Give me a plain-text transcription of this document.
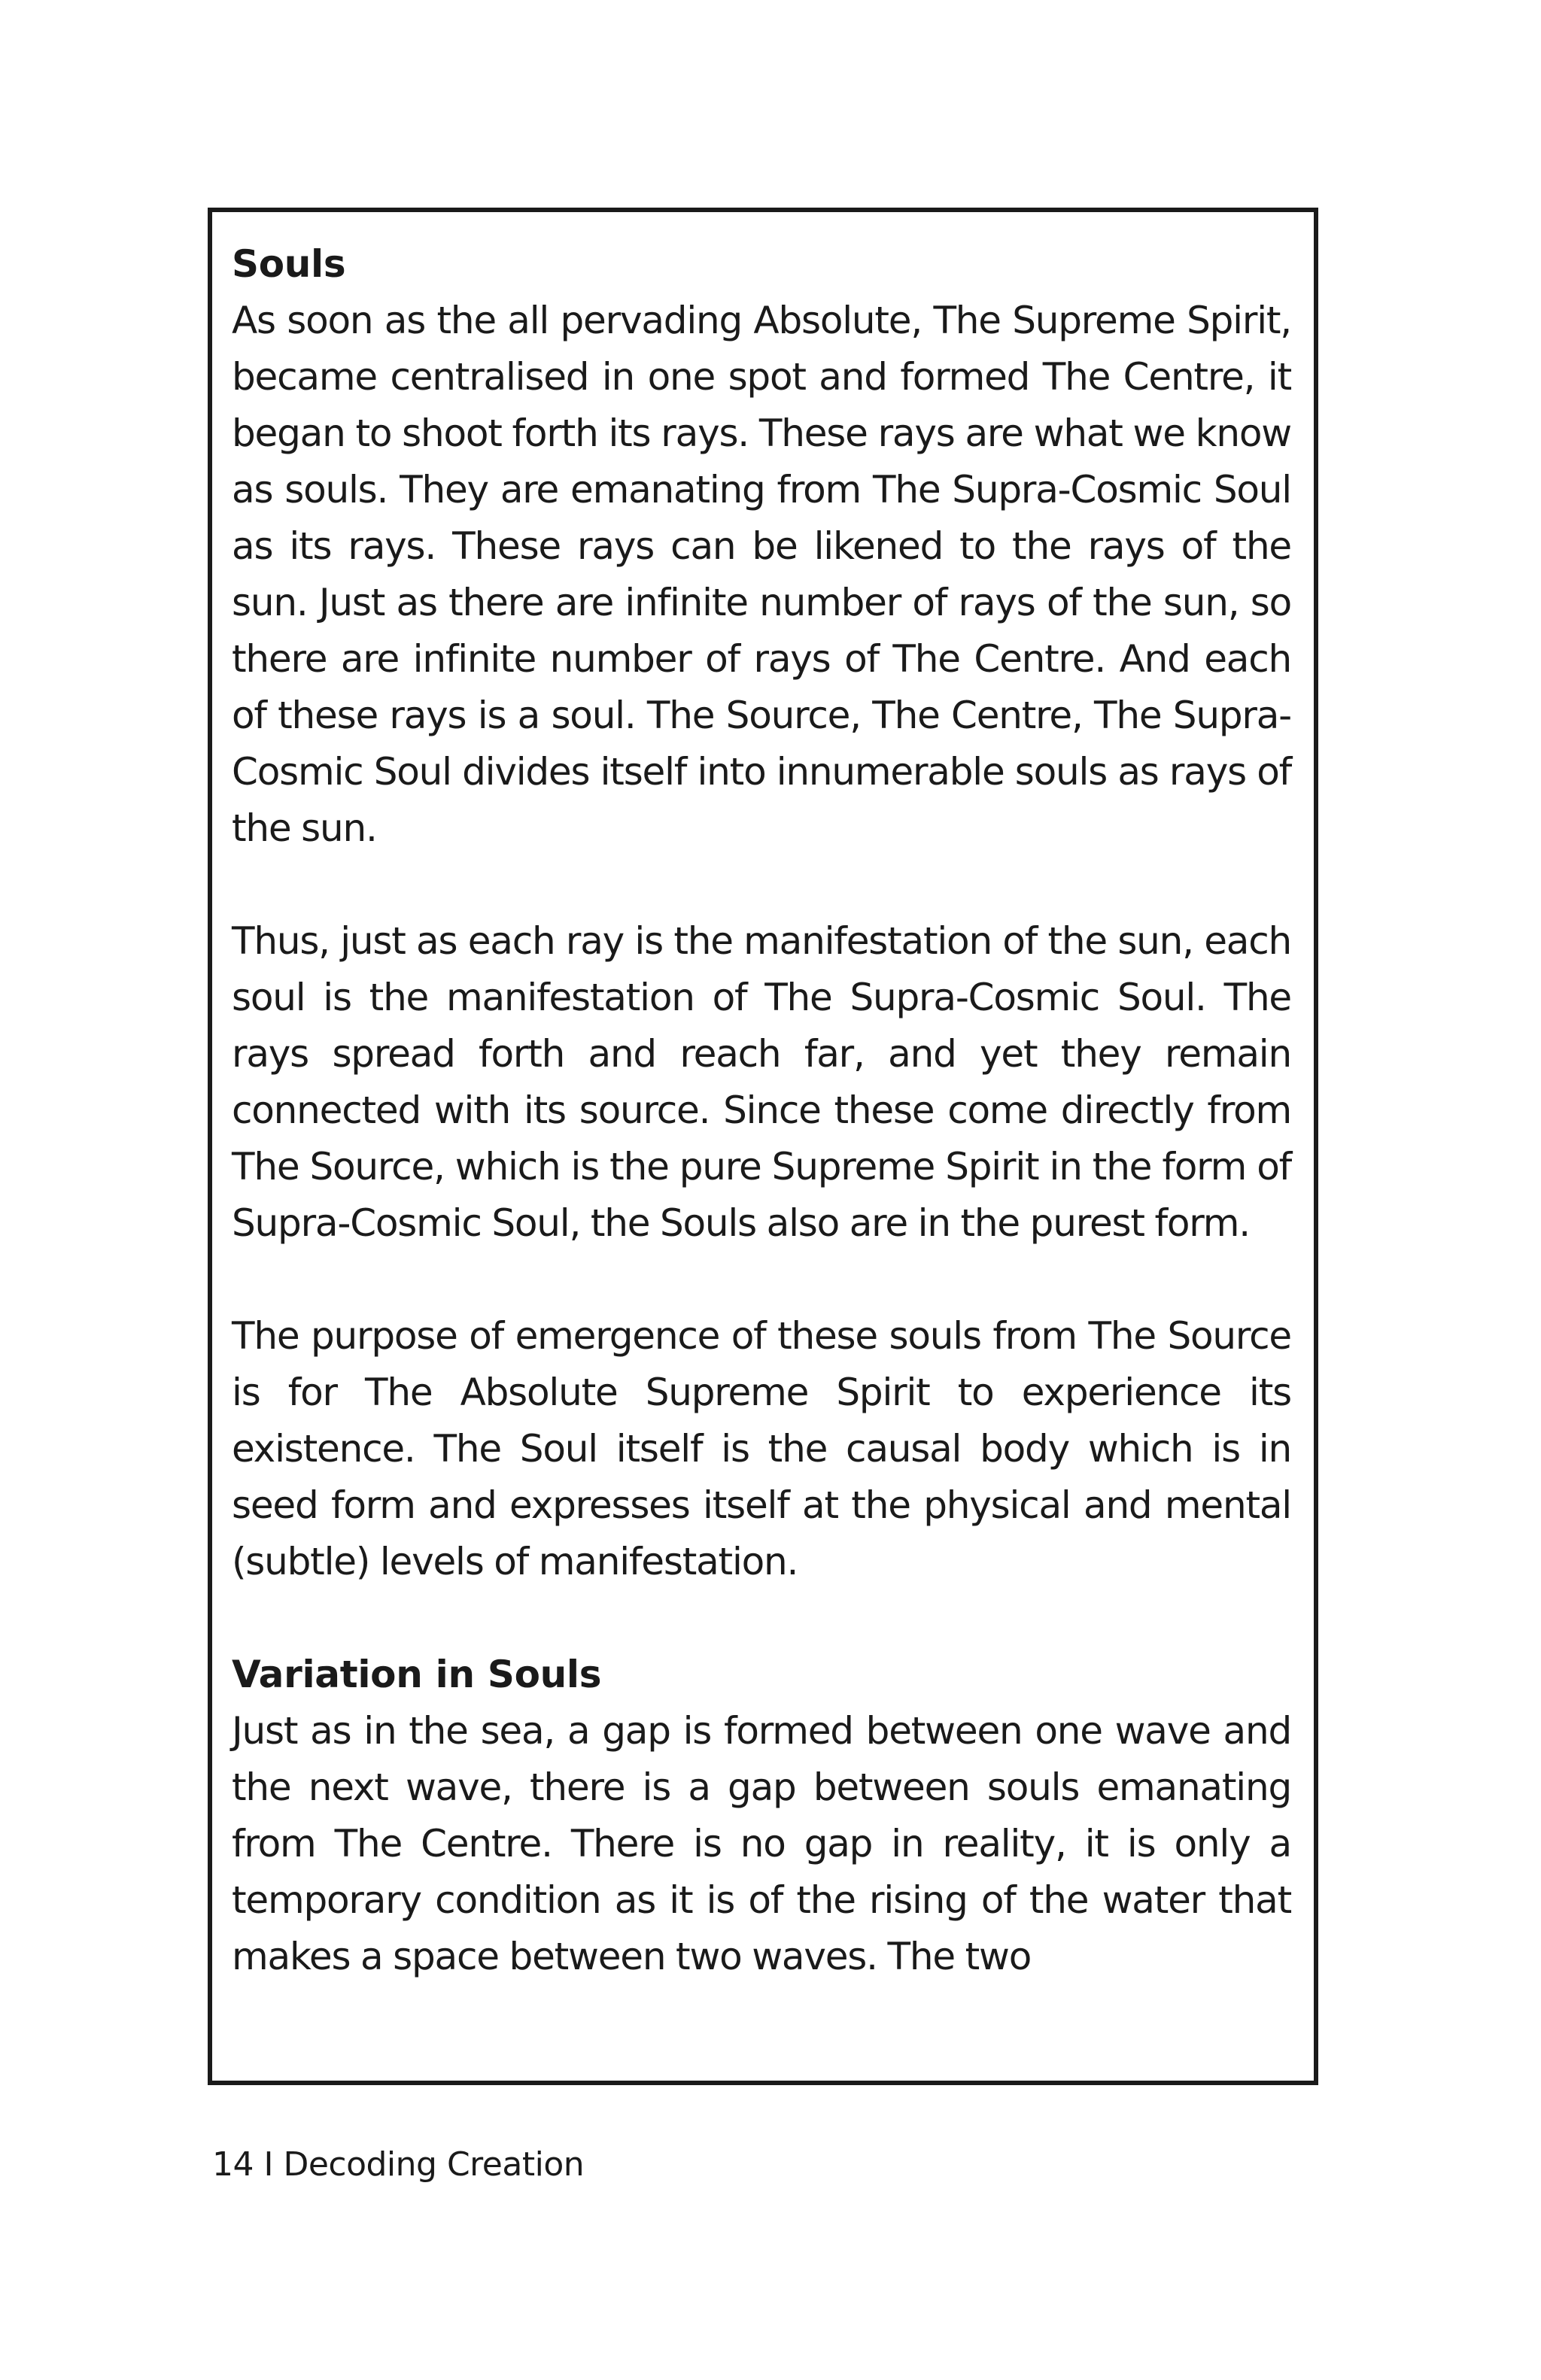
Souls

As soon as the all pervading Absolute, The Supreme Spirit, became centralised in one spot and formed The Centre, it began to shoot forth its rays. These rays are what we know as souls. They are emanating from The Supra-Cosmic Soul as its rays. These rays can be likened to the rays of the sun. Just as there are infinite number of rays of the sun, so there are infinite number of rays of The Centre. And each of these rays is a soul. The Source, The Centre, The Supra-Cosmic Soul divides itself into innumerable souls as rays of the sun.

Thus, just as each ray is the manifestation of the sun, each soul is the manifestation of The Supra-Cosmic Soul. The rays spread forth and reach far, and yet they remain connected with its source. Since these come directly from The Source, which is the pure Supreme Spirit in the form of Supra-Cosmic Soul, the Souls also are in the purest form.

The purpose of emergence of these souls from The Source is for The Absolute Supreme Spirit to experience its existence. The Soul itself is the causal body which is in seed form and expresses itself at the physical and mental (subtle) levels of manifestation.

Variation in Souls

Just as in the sea, a gap is formed between one wave and the next wave, there is a gap between souls emanating from The Centre. There is no gap in reality, it is only a temporary condition as it is of the rising of the water that makes a space between two waves. The two

14 I Decoding Creation
